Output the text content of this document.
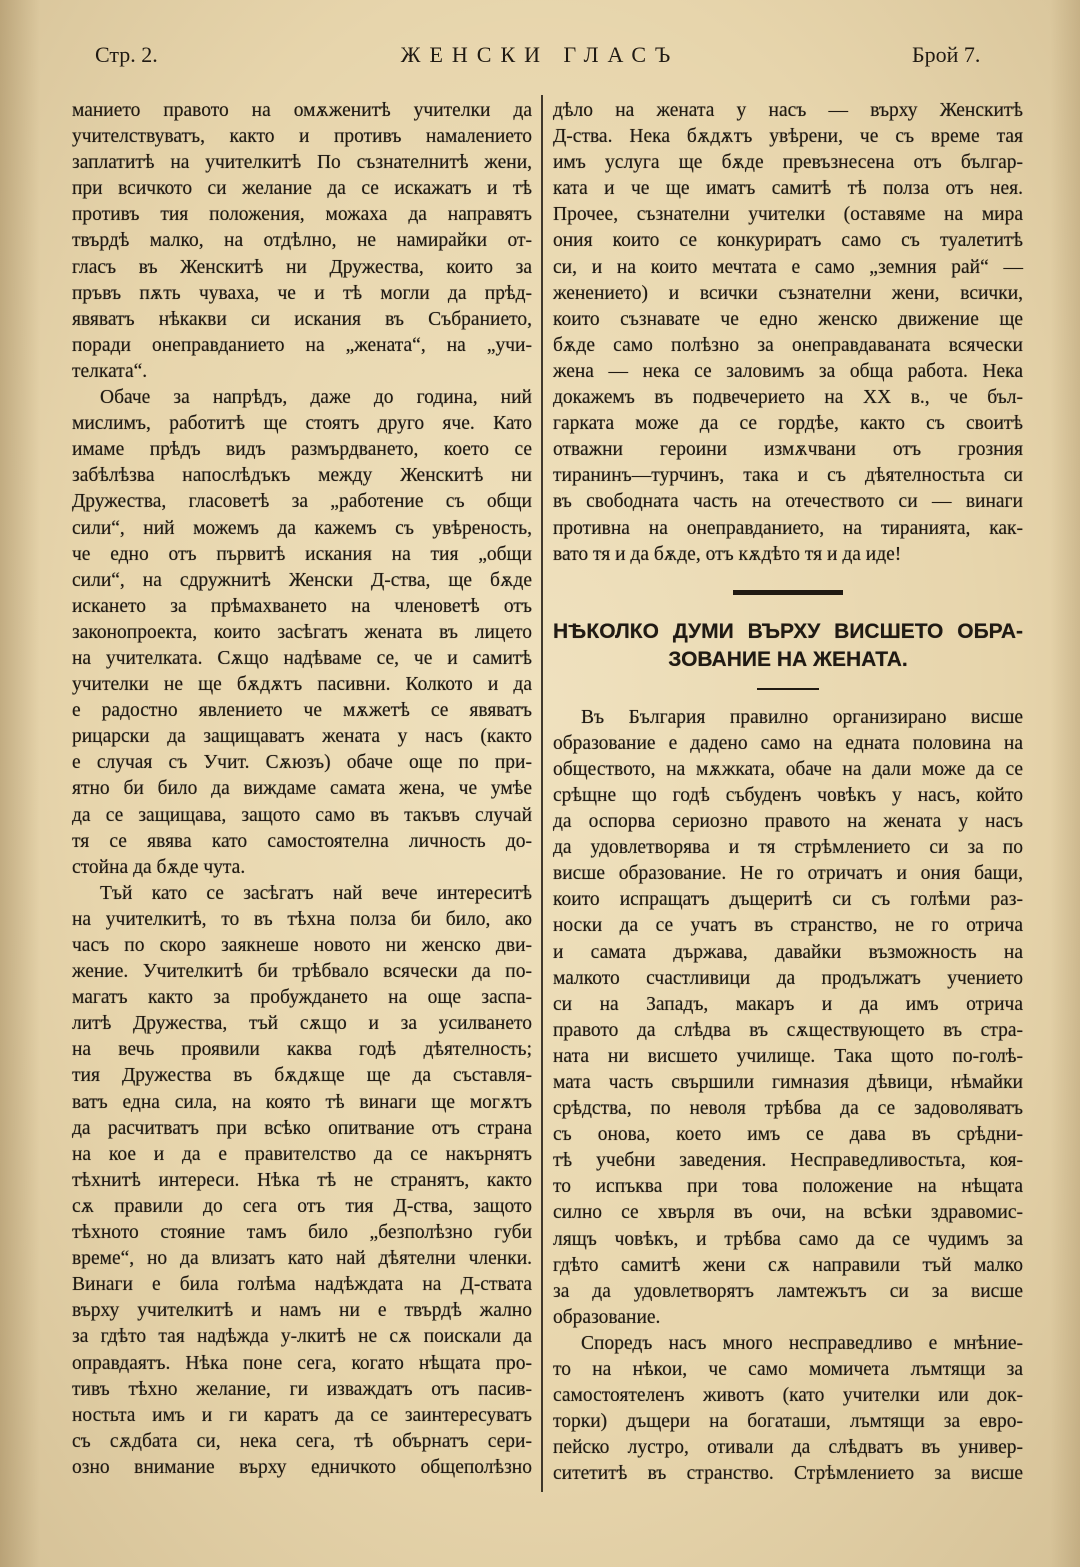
Стр. 2.	ЖЕНСКИ ГЛАСЪ	Брой 7.
манието правото на омѫженитѣ учителки да
учителствуватъ, както и противъ намалението
заплатитѣ на учителкитѣ По съзнателнитѣ жени,
при всичкото си желание да се искажатъ и тѣ
противъ тия положения, можаха да направятъ
твърдѣ малко, на отдѣлно, не намирайки от-
гласъ въ Женскитѣ ни Дружества, които за
пръвъ пѫть чуваха, че и тѣ могли да прѣд-
явяватъ нѣкакви си искания въ Събранието,
поради онеправданието на „жената“, на „учи-
телката“.
Обаче за напрѣдъ, даже до година, ний
мислимъ, работитѣ ще стоятъ друго яче. Като
имаме прѣдъ видъ размърдването, което се
забѣлѣзва напослѣдъкъ между Женскитѣ ни
Дружества, гласоветѣ за „работение съ общи
сили“, ний можемъ да кажемъ съ увѣреность,
че едно отъ първитѣ искания на тия „общи
сили“, на сдружнитѣ Женски Д-ства, ще бѫде
искането за прѣмахването на членоветѣ отъ
законопроекта, които засѣгатъ жената въ лицето
на учителката. Сѫщо надѣваме се, че и самитѣ
учителки не ще бѫдѫтъ пасивни. Колкото и да
е радостно явлението че мѫжетѣ се явяватъ
рицарски да защищаватъ жената у насъ (както
е случая съ Учит. Сѫюзъ) обаче още по при-
ятно би било да виждаме самата жена, че умѣе
да се защищава, защото само въ такъвъ случай
тя се явява като самостоятелна личность до-
стойна да бѫде чута.
Тъй като се засѣгатъ най вече интереситѣ
на учителкитѣ, то въ тѣхна полза би било, ако
часъ по скоро заякнеше новото ни женско дви-
жение. Учителкитѣ би трѣбвало всячески да по-
магатъ както за пробуждането на още заспа-
литѣ Дружества, тъй сѫщо и за усилването
на вечь проявили каква годѣ дѣятелность;
тия Дружества въ бѫдѫще ще да съставля-
ватъ една сила, на която тѣ винаги ще могѫтъ
да расчитватъ при всѣко опитвание отъ страна
на кое и да е правителство да се накърнятъ
тѣхнитѣ интереси. Нѣка тѣ не странятъ, както
сѫ правили до сега отъ тия Д-ства, защото
тѣхното стояние тамъ било „безполѣзно губи
време“, но да влизатъ като най дѣятелни членки.
Винаги е била голѣма надѣждата на Д-ствата
върху учителкитѣ и намъ ни е твърдѣ жално
за гдѣто тая надѣжда у-лкитѣ не сѫ поискали да
оправдаятъ. Нѣка поне сега, когато нѣщата про-
тивъ тѣхно желание, ги изваждатъ отъ пасив-
ностьта имъ и ги каратъ да се заинтересуватъ
съ сѫдбата си, нека сега, тѣ обърнатъ сери-
озно внимание върху едничкото общеполѣзно
дѣло на жената у насъ — върху Женскитѣ
Д-ства. Нека бѫдѫтъ увѣрени, че съ време тая
имъ услуга ще бѫде превъзнесена отъ българ-
ката и че ще иматъ самитѣ тѣ полза отъ нея.
Прочее, съзнателни учителки (оставяме на мира
ония които се конкуриратъ само съ туалетитѣ
си, и на които мечтата е само „земния рай“ —
женението) и всички съзнателни жени, всички,
които съзнавате че едно женско движение ще
бѫде само полѣзно за онеправдаваната всячески
жена — нека се заловимъ за обща работа. Нека
докажемъ въ подвечерието на XX в., че бъл-
гарката може да се гордѣе, както съ своитѣ
отважни героини измѫчвани отъ грозния
тиранинъ—турчинъ, така и съ дѣятелностьта си
въ свободната часть на отечеството си — винаги
противна на онеправданието, на тиранията, как-
вато тя и да бѫде, отъ кѫдѣто тя и да иде!
НѢКОЛКО ДУМИ ВЪРХУ ВИСШЕТО ОБРА-
ЗОВАНИЕ НА ЖЕНАТА.
Въ България правилно организирано висше
образование е дадено само на едната половина на
обществото, на мѫжката, обаче на дали може да се
срѣщне що годѣ събуденъ човѣкъ у насъ, който
да оспорва сериозно правото на жената у насъ
да удовлетворява и тя стрѣмлението си за по
висше образование. Не го отричатъ и ония бащи,
които испращатъ дъщеритѣ си съ голѣми раз-
носки да се учатъ въ странство, не го отрича
и самата държава, давайки възможность на
малкото счастливици да продължатъ учението
си на Западъ, макаръ и да имъ отрича
правото да слѣдва въ сѫществующето въ стра-
ната ни висшето училище. Така щото по-голѣ-
мата часть свършили гимназия дѣвици, нѣмайки
срѣдства, по неволя трѣбва да се задоволяватъ
съ онова, което имъ се дава въ срѣдни-
тѣ учебни заведения. Несправедливостьта, коя-
то испъква при това положение на нѣщата
силно се хвърля въ очи, на всѣки здравомис-
лящъ човѣкъ, и трѣбва само да се чудимъ за
гдѣто самитѣ жени сѫ направили тъй малко
за да удовлетворятъ ламтежътъ си за висше
образование.
Споредъ насъ много несправедливо е мнѣние-
то на нѣкои, че само момичета лъмтящи за
самостоятеленъ животъ (като учителки или док-
торки) дъщери на богаташи, лъмтящи за евро-
пейско лустро, отивали да слѣдватъ въ универ-
ситетитѣ въ странство. Стрѣмлението за висше
